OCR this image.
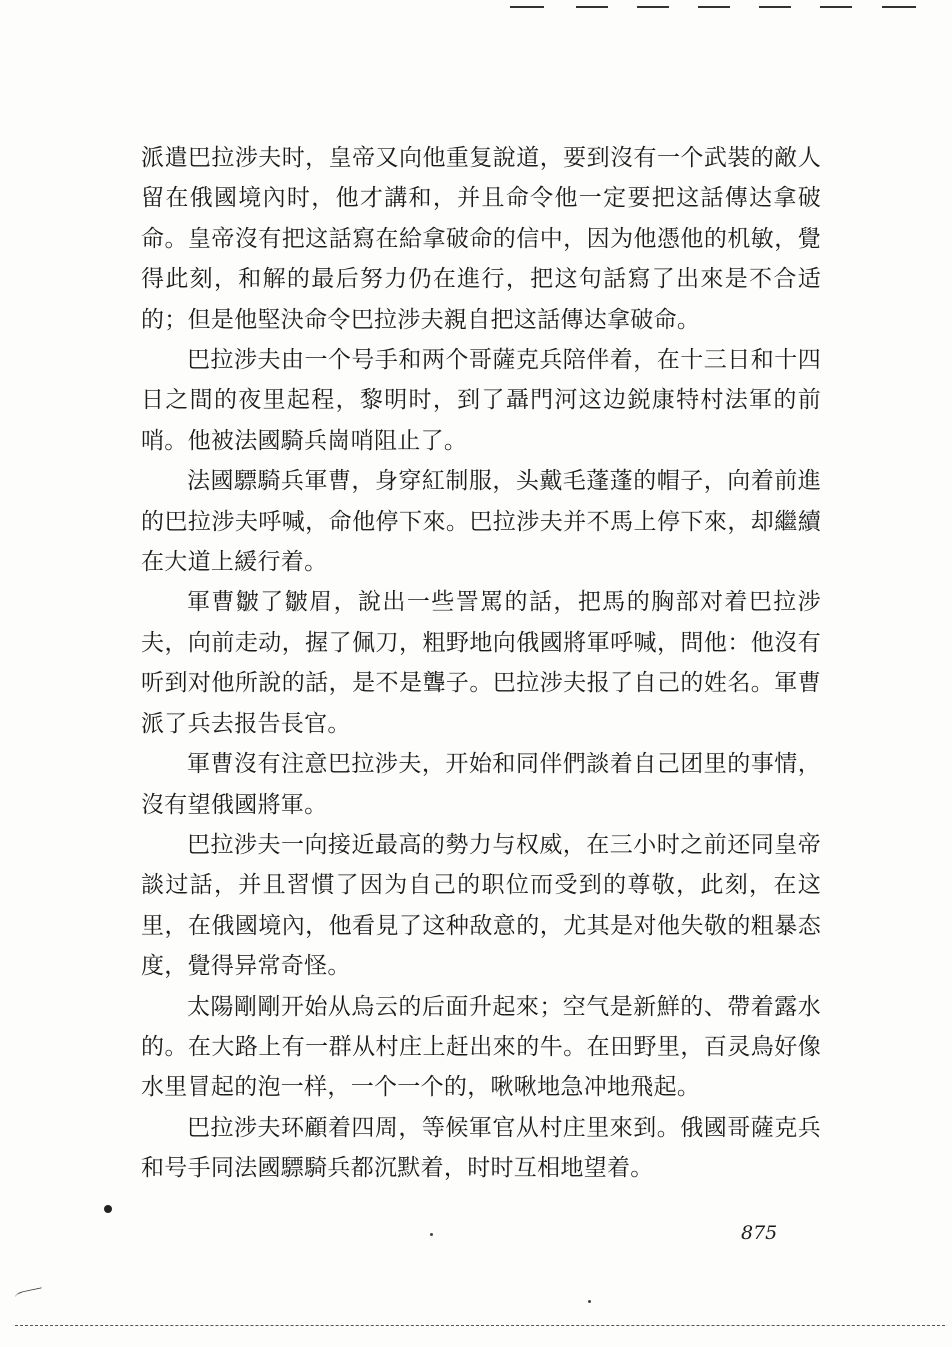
派遣巴拉涉夫时，皇帝又向他重复說道，要到沒有一个武裝的敵人留在俄國境內时，他才講和，并且命令他一定要把这話傳达拿破命。皇帝沒有把这話寫在給拿破命的信中，因为他憑他的机敏，覺得此刻，和解的最后努力仍在進行，把这句話寫了出來是不合适的；但是他堅決命令巴拉涉夫親自把这話傳达拿破命。

巴拉涉夫由一个号手和两个哥薩克兵陪伴着，在十三日和十四日之間的夜里起程，黎明时，到了聶門河这边鋭康特村法軍的前哨。他被法國騎兵崗哨阻止了。

法國驃騎兵軍曹，身穿紅制服，头戴毛蓬蓬的帽子，向着前進的巴拉涉夫呼喊，命他停下來。巴拉涉夫并不馬上停下來，却繼續在大道上緩行着。

軍曹皺了皺眉，說出一些詈罵的話，把馬的胸部对着巴拉涉夫，向前走动，握了佩刀，粗野地向俄國將軍呼喊，問他：他沒有听到对他所說的話，是不是聾子。巴拉涉夫报了自己的姓名。軍曹派了兵去报告長官。

軍曹沒有注意巴拉涉夫，开始和同伴們談着自己团里的事情，沒有望俄國將軍。

巴拉涉夫一向接近最高的勢力与权威，在三小时之前还同皇帝談过話，并且習慣了因为自己的职位而受到的尊敬，此刻，在这里，在俄國境內，他看見了这种敌意的，尤其是对他失敬的粗暴态度，覺得异常奇怪。

太陽剛剛开始从烏云的后面升起來；空气是新鮮的、帶着露水的。在大路上有一群从村庄上赶出來的牛。在田野里，百灵鳥好像水里冒起的泡一样，一个一个的，啾啾地急冲地飛起。

巴拉涉夫环顧着四周，等候軍官从村庄里來到。俄國哥薩克兵和号手同法國驃騎兵都沉默着，时时互相地望着。

875
